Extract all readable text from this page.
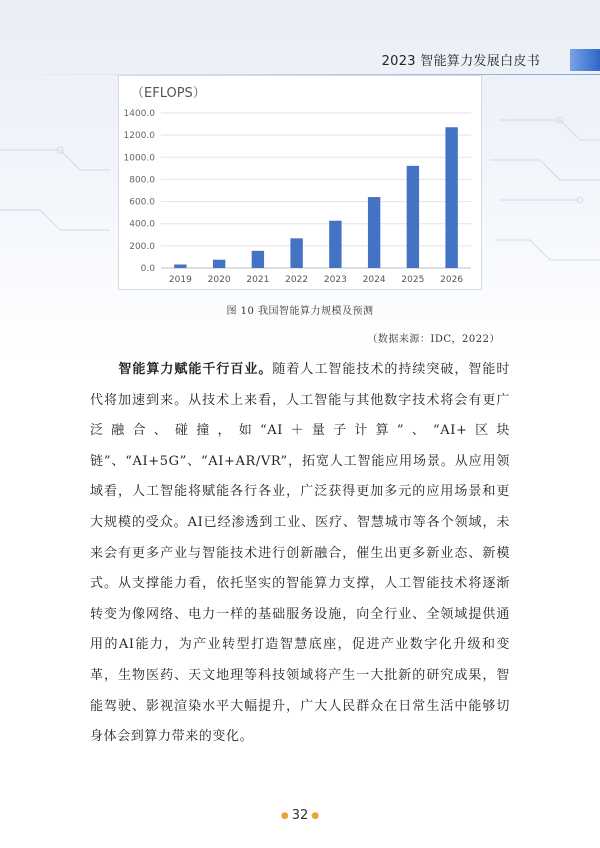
2023 智能算力发展白皮书
（EFLOPS）
0.0
200.0
400.0
600.0
800.0
1000.0
1200.0
1400.0
2019 2020 2021 2022 2023 2024 2025 2026
图 10 我国智能算力规模及预测
（数据来源：IDC，2022）
智能算力赋能千行百业。随着人工智能技术的持续突破，智能时代将加速到来。从技术上来看，人工智能与其他数字技术将会有更广泛融合、碰撞，如“AI＋量子计算”、“AI+区块链”、“AI+5G”、“AI+AR/VR”，拓宽人工智能应用场景。从应用领域看，人工智能将赋能各行各业，广泛获得更加多元的应用场景和更大规模的受众。AI已经渗透到工业、医疗、智慧城市等各个领域，未来会有更多产业与智能技术进行创新融合，催生出更多新业态、新模式。从支撑能力看，依托坚实的智能算力支撑，人工智能技术将逐渐转变为像网络、电力一样的基础服务设施，向全行业、全领域提供通用的AI能力，为产业转型打造智慧底座，促进产业数字化升级和变革，生物医药、天文地理等科技领域将产生一大批新的研究成果，智能驾驶、影视渲染水平大幅提升，广大人民群众在日常生活中能够切身体会到算力带来的变化。
● 32 ●
